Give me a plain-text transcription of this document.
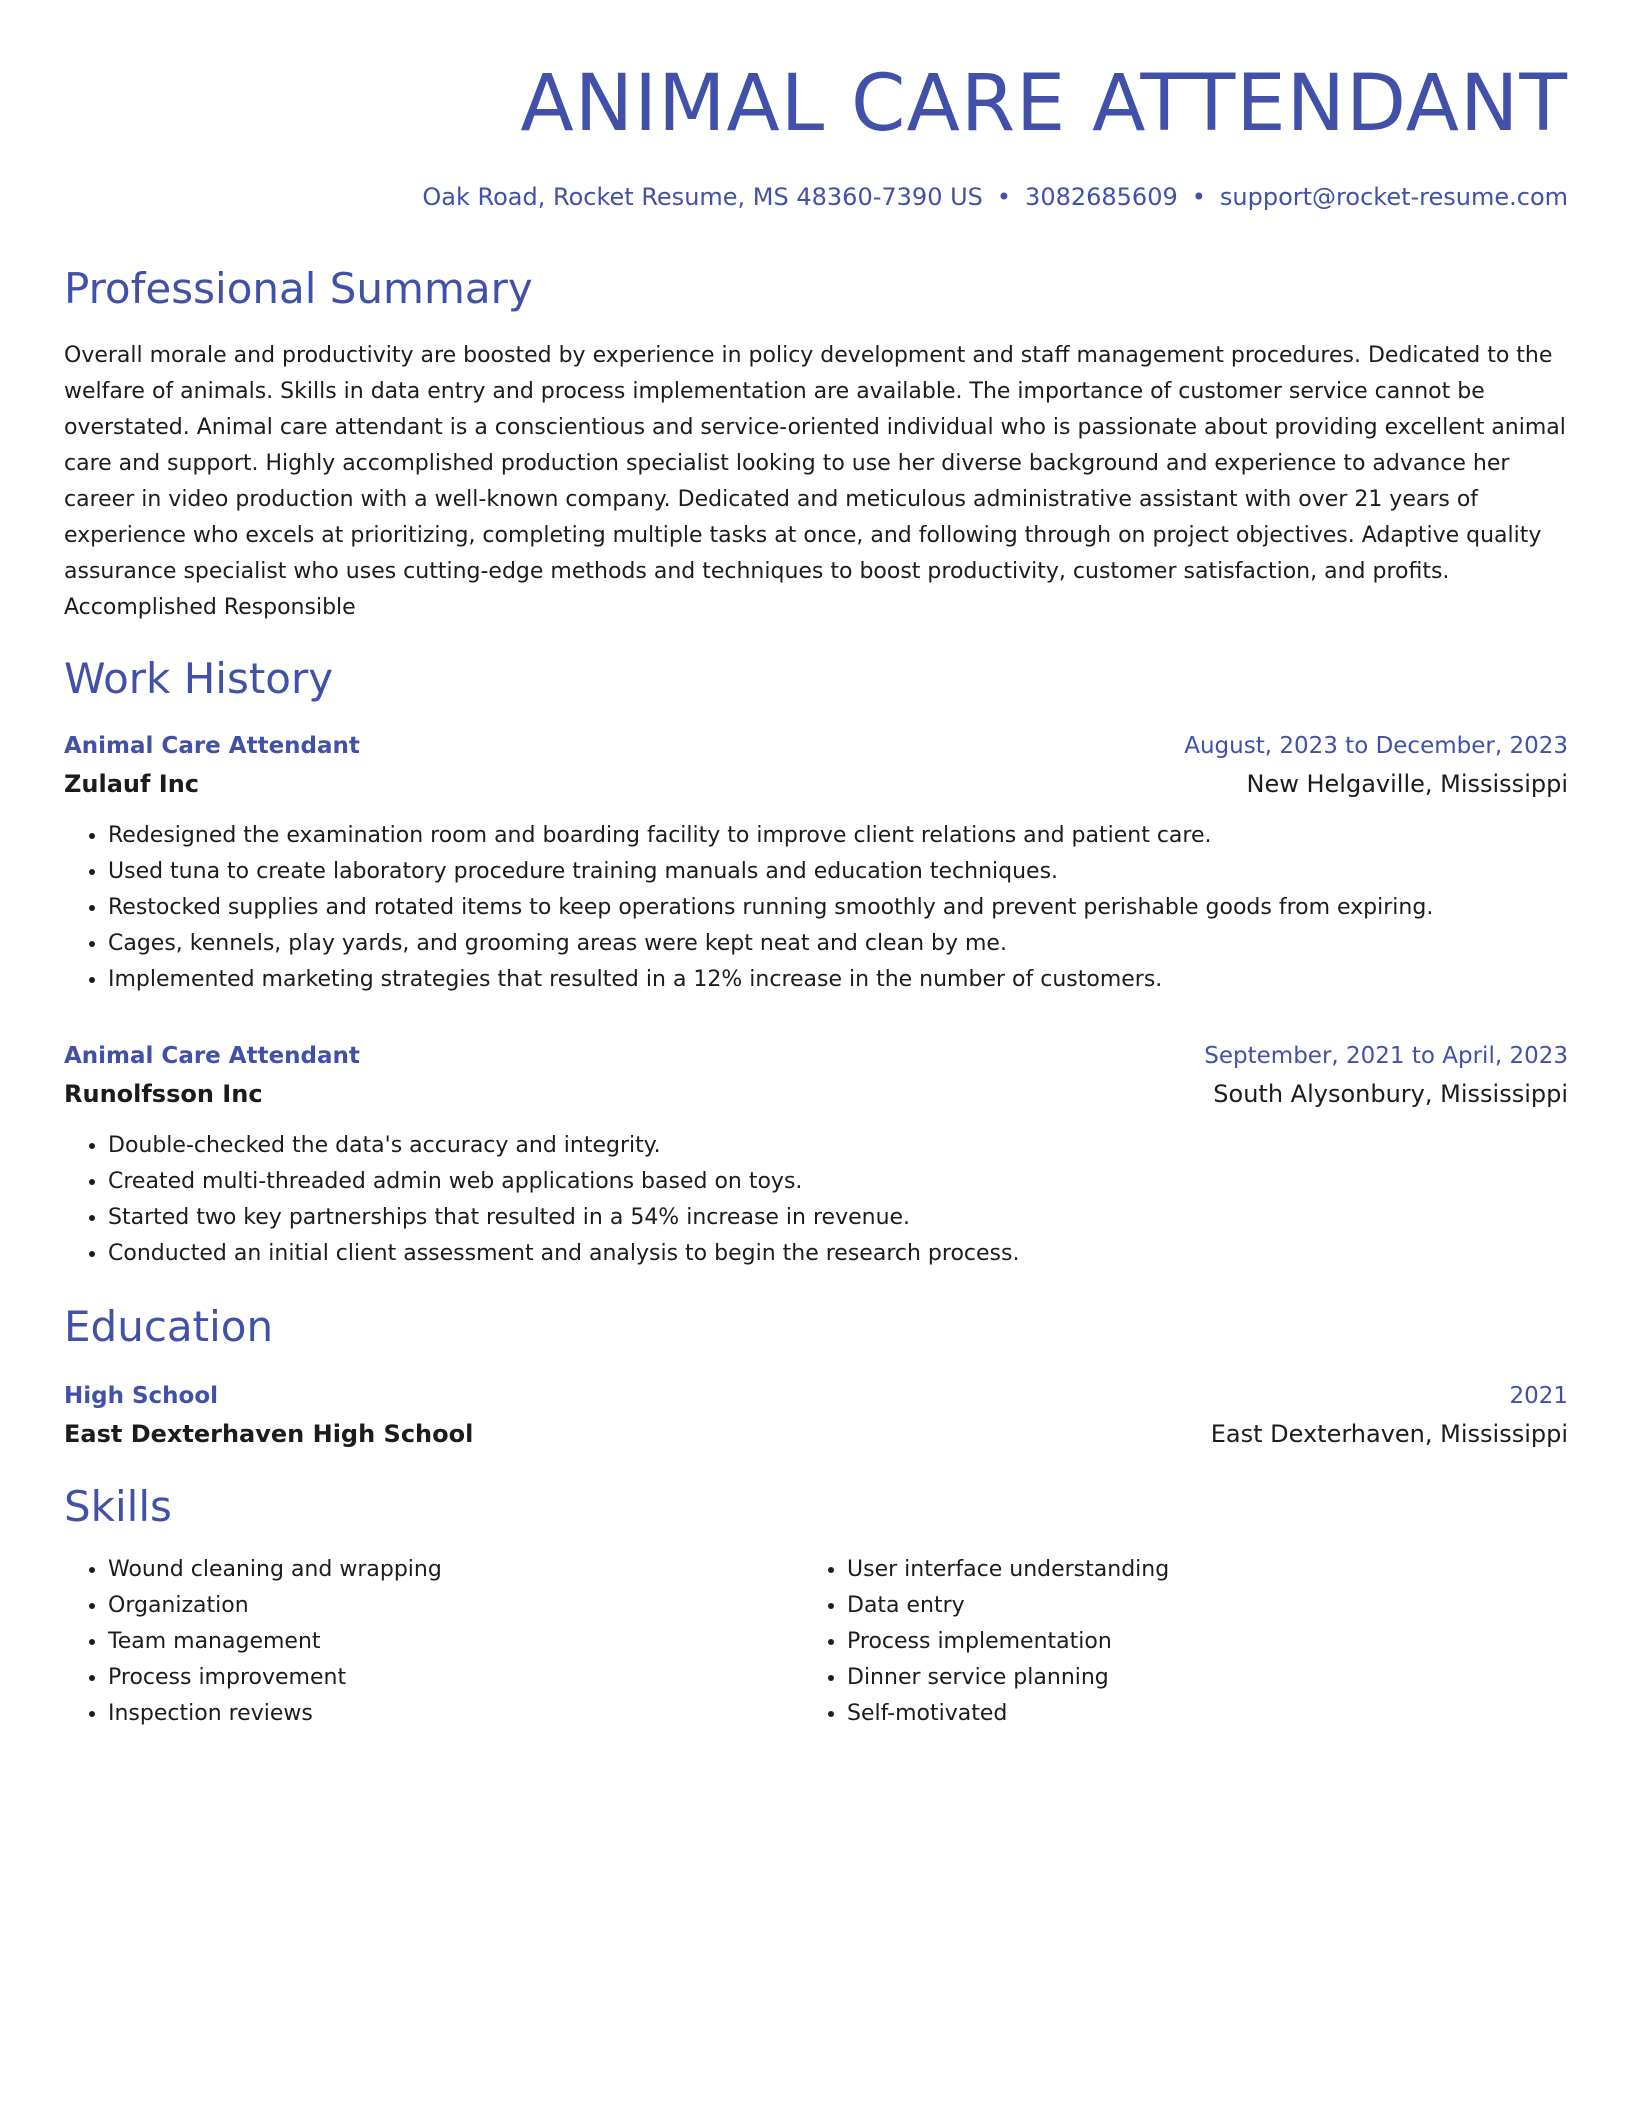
ANIMAL CARE ATTENDANT
Oak Road, Rocket Resume, MS 48360-7390 US • 3082685609 • support@rocket-resume.com
Professional Summary

Overall morale and productivity are boosted by experience in policy development and staff management procedures. Dedicated to the welfare of animals. Skills in data entry and process implementation are available. The importance of customer service cannot be overstated. Animal care attendant is a conscientious and service-oriented individual who is passionate about providing excellent animal care and support. Highly accomplished production specialist looking to use her diverse background and experience to advance her career in video production with a well-known company. Dedicated and meticulous administrative assistant with over 21 years of experience who excels at prioritizing, completing multiple tasks at once, and following through on project objectives. Adaptive quality assurance specialist who uses cutting-edge methods and techniques to boost productivity, customer satisfaction, and profits. Accomplished Responsible

Work History
Animal Care Attendant	August, 2023 to December, 2023
Zulauf Inc	New Helgaville, Mississippi
• Redesigned the examination room and boarding facility to improve client relations and patient care.
• Used tuna to create laboratory procedure training manuals and education techniques.
• Restocked supplies and rotated items to keep operations running smoothly and prevent perishable goods from expiring.
• Cages, kennels, play yards, and grooming areas were kept neat and clean by me.
• Implemented marketing strategies that resulted in a 12% increase in the number of customers.
Animal Care Attendant	September, 2021 to April, 2023
Runolfsson Inc	South Alysonbury, Mississippi
• Double-checked the data's accuracy and integrity.
• Created multi-threaded admin web applications based on toys.
• Started two key partnerships that resulted in a 54% increase in revenue.
• Conducted an initial client assessment and analysis to begin the research process.
Education
High School	2021
East Dexterhaven High School	East Dexterhaven, Mississippi
Skills
• Wound cleaning and wrapping
• Organization
• Team management
• Process improvement
• Inspection reviews
• User interface understanding
• Data entry
• Process implementation
• Dinner service planning
• Self-motivated
